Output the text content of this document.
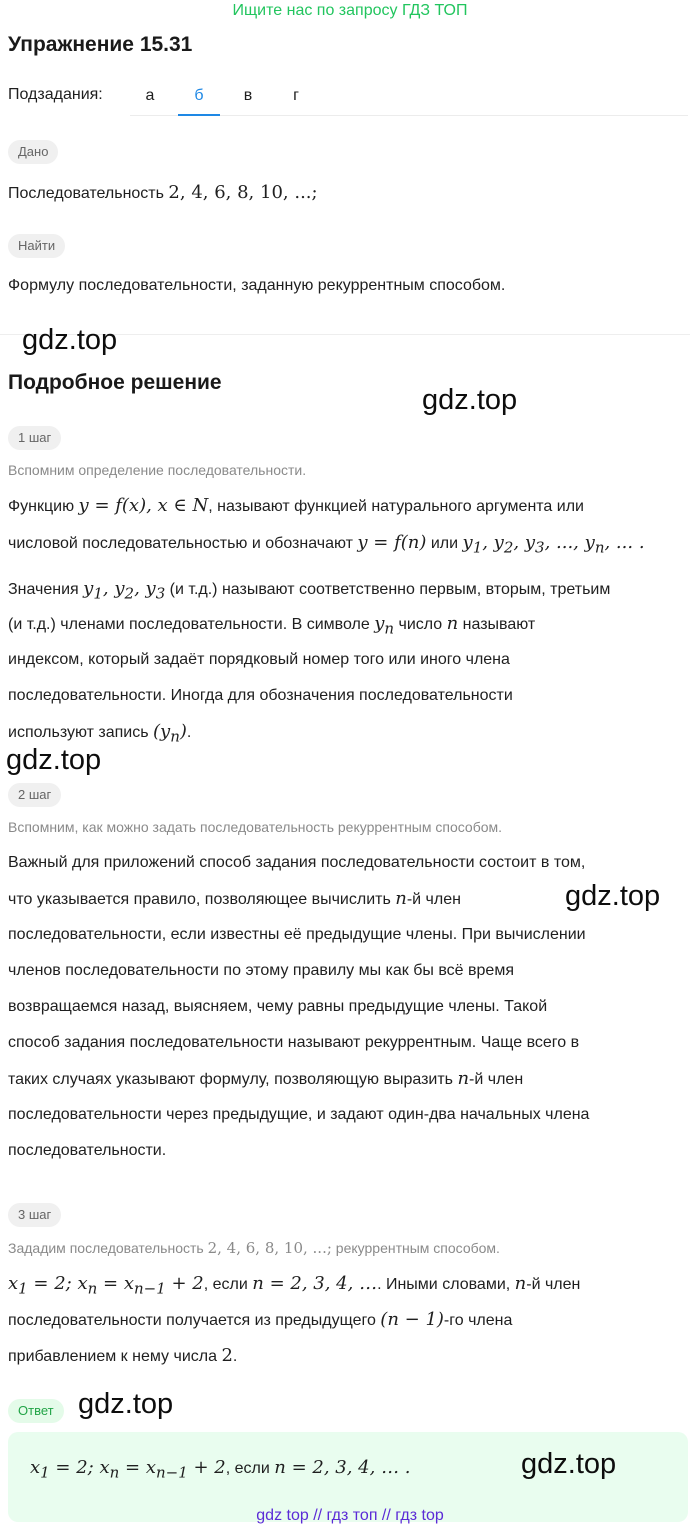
Ищите нас по запросу ГДЗ ТОП
Упражнение 15.31
Подзадания:	а	б	в	г
Дано
Последовательность 2, 4, 6, 8, 10, ...;
Найти
Формулу последовательности, заданную рекуррентным способом.
gdz.top
Подробное решение
gdz.top
1 шаг
Вспомним определение последовательности.
Функцию y = f(x), x ∈ N, называют функцией натурального аргумента или
числовой последовательностью и обозначают y = f(n) или $y_1$, $y_2$, $y_3$, ..., $y_n$, ... .
Значения $y_1$, $y_2$, $y_3$ (и т.д.) называют соответственно первым, вторым, третьим
(и т.д.) членами последовательности. В символе $y_n$ число n называют
индексом, который задаёт порядковый номер того или иного члена
последовательности. Иногда для обозначения последовательности
используют запись $(y_n)$.
gdz.top
2 шаг
Вспомним, как можно задать последовательность рекуррентным способом.
Важный для приложений способ задания последовательности состоит в том,
что указывается правило, позволяющее вычислить n-й член	gdz.top
последовательности, если известны её предыдущие члены. При вычислении
членов последовательности по этому правилу мы как бы всё время
возвращаемся назад, выясняем, чему равны предыдущие члены. Такой
способ задания последовательности называют рекуррентным. Чаще всего в
таких случаях указывают формулу, позволяющую выразить n-й член
последовательности через предыдущие, и задают один-два начальных члена
последовательности.
3 шаг
Зададим последовательность 2, 4, 6, 8, 10, ...; рекуррентным способом.
$x_1 = 2$; $x_n = x_{n-1} + 2$, если n = 2, 3, 4, …. Иными словами, n-й член
последовательности получается из предыдущего (n − 1)-го члена
прибавлением к нему числа 2.
Ответ gdz.top
$x_1 = 2$; $x_n = x_{n-1} + 2$, если n = 2, 3, 4, … .	gdz.top
gdz top // гдз топ // гдз top
